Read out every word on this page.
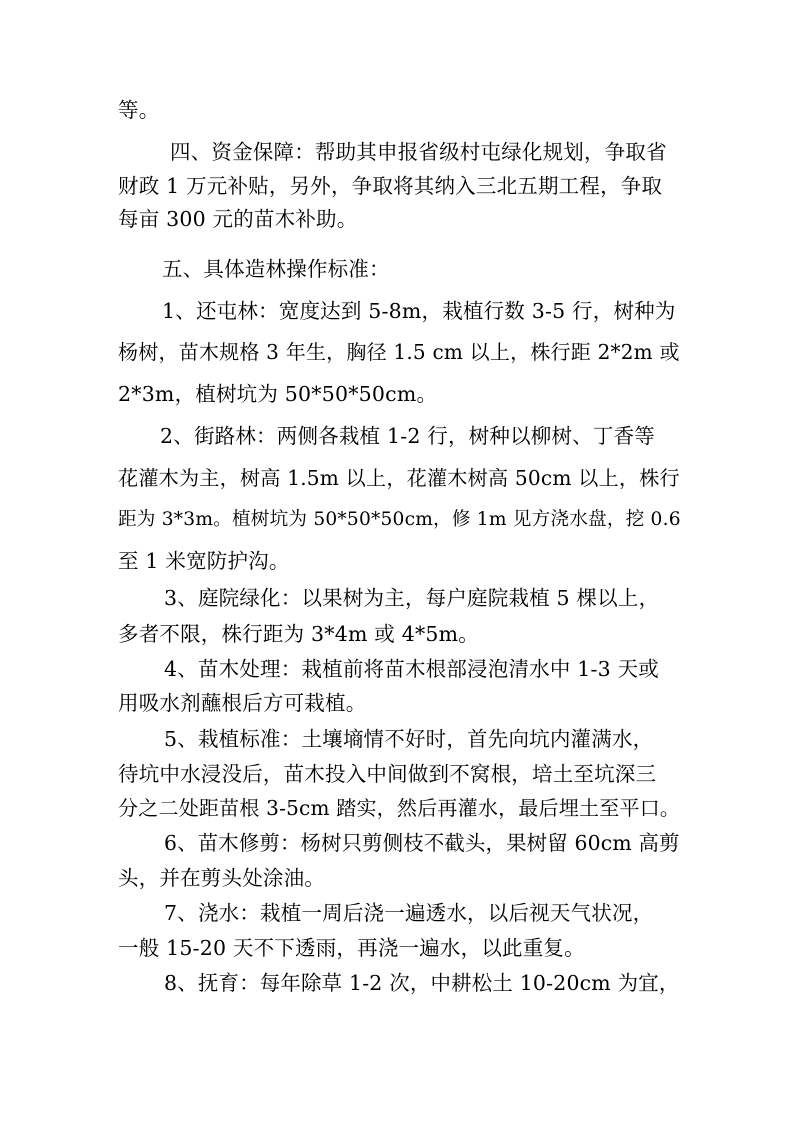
等。
四、资金保障：帮助其申报省级村屯绿化规划，争取省
财政 1 万元补贴，另外，争取将其纳入三北五期工程，争取
每亩 300 元的苗木补助。
五、具体造林操作标准：
1、还屯林：宽度达到 5-8m，栽植行数 3-5 行，树种为
杨树，苗木规格 3 年生，胸径 1.5 cm 以上，株行距 2*2m 或
2*3m，植树坑为 50*50*50cm。
2、街路林：两侧各栽植 1-2 行，树种以柳树、丁香等
花灌木为主，树高 1.5m 以上，花灌木树高 50cm 以上，株行
距为 3*3m。植树坑为 50*50*50cm，修 1m 见方浇水盘，挖 0.6
至 1 米宽防护沟。
3、庭院绿化：以果树为主，每户庭院栽植 5 棵以上，
多者不限，株行距为 3*4m 或 4*5m。
4、苗木处理：栽植前将苗木根部浸泡清水中 1-3 天或
用吸水剂蘸根后方可栽植。
5、栽植标准：土壤墒情不好时，首先向坑内灌满水，
待坑中水浸没后，苗木投入中间做到不窝根，培土至坑深三
分之二处距苗根 3-5cm 踏实，然后再灌水，最后埋土至平口。
6、苗木修剪：杨树只剪侧枝不截头，果树留 60cm 高剪
头，并在剪头处涂油。
7、浇水：栽植一周后浇一遍透水，以后视天气状况，
一般 15-20 天不下透雨，再浇一遍水，以此重复。
8、抚育：每年除草 1-2 次，中耕松土 10-20cm 为宜，
